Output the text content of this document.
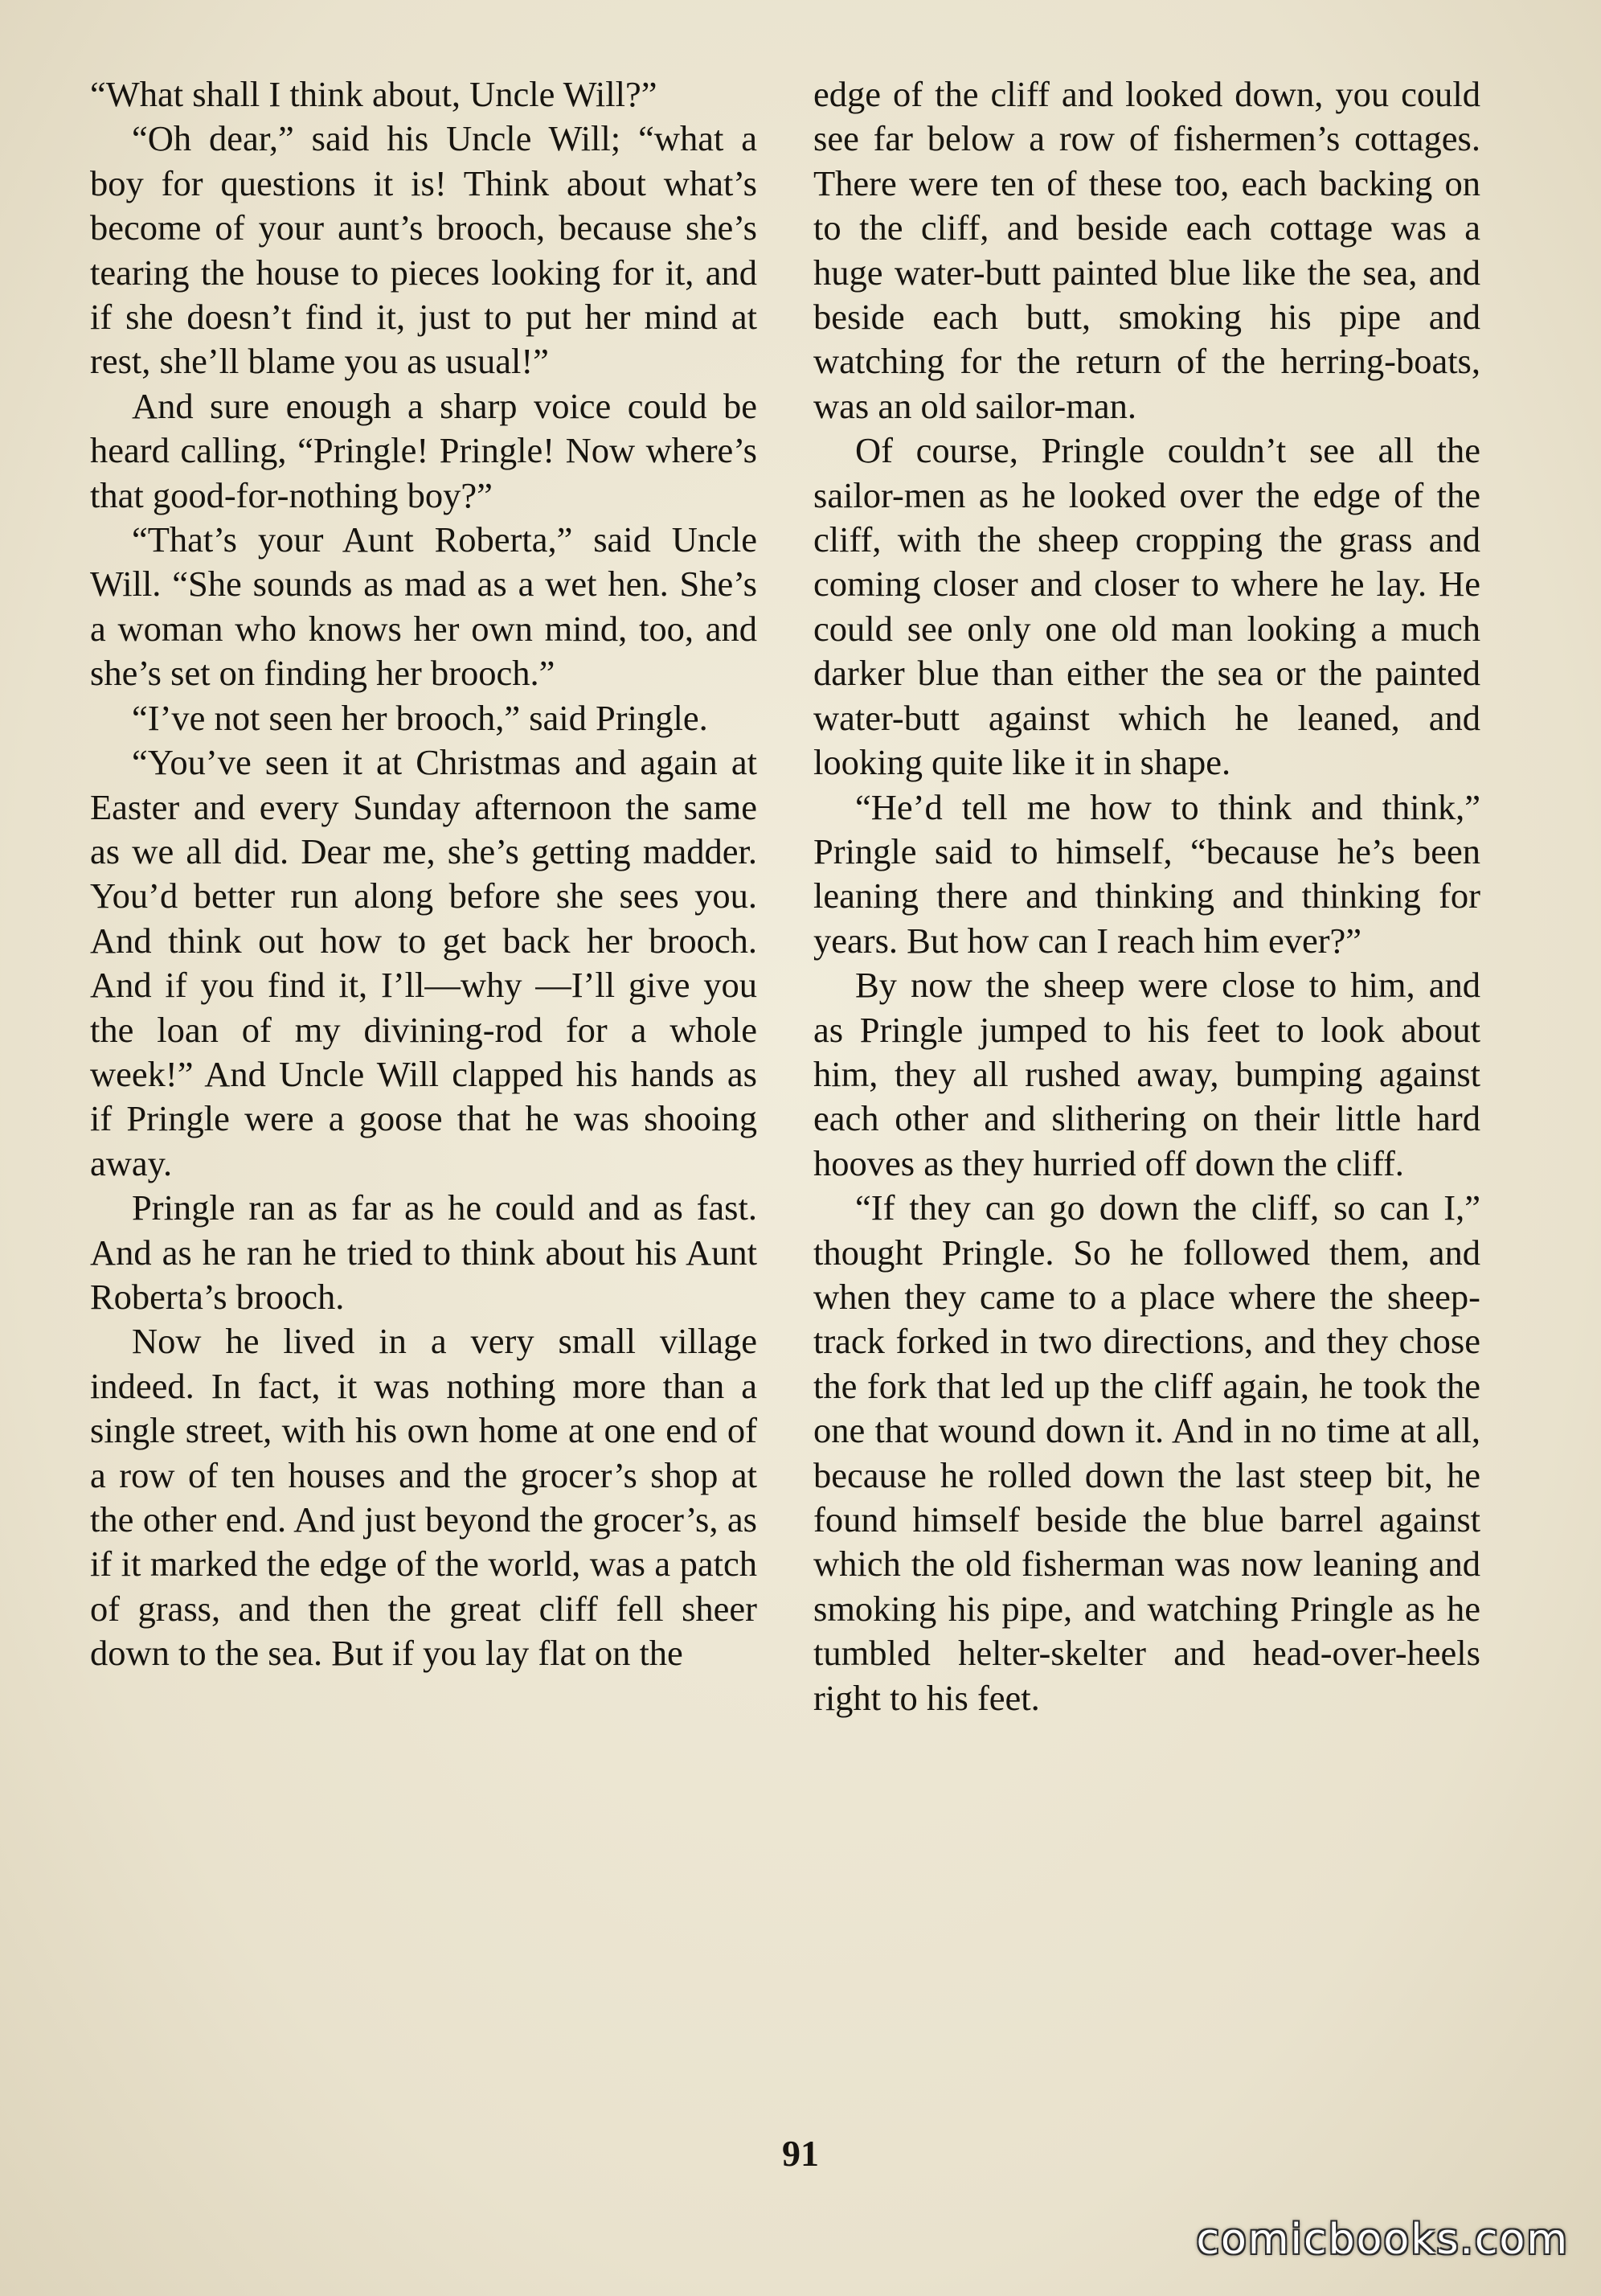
“What shall I think about, Uncle Will?”

“Oh dear,” said his Uncle Will; “what a boy for questions it is! Think about what’s become of your aunt’s brooch, because she’s tearing the house to pieces looking for it, and if she doesn’t find it, just to put her mind at rest, she’ll blame you as usual!”

And sure enough a sharp voice could be heard calling, “Pringle! Pringle! Now where’s that good-for-nothing boy?”

“That’s your Aunt Roberta,” said Uncle Will. “She sounds as mad as a wet hen. She’s a woman who knows her own mind, too, and she’s set on finding her brooch.”

“I’ve not seen her brooch,” said Pringle.

“You’ve seen it at Christmas and again at Easter and every Sunday afternoon the same as we all did. Dear me, she’s getting madder. You’d better run along before she sees you. And think out how to get back her brooch. And if you find it, I’ll—why —I’ll give you the loan of my divining-rod for a whole week!” And Uncle Will clapped his hands as if Pringle were a goose that he was shooing away.

Pringle ran as far as he could and as fast. And as he ran he tried to think about his Aunt Roberta’s brooch.

Now he lived in a very small village indeed. In fact, it was nothing more than a single street, with his own home at one end of a row of ten houses and the grocer’s shop at the other end. And just beyond the grocer’s, as if it marked the edge of the world, was a patch of grass, and then the great cliff fell sheer down to the sea. But if you lay flat on the

edge of the cliff and looked down, you could see far below a row of fishermen’s cottages. There were ten of these too, each backing on to the cliff, and beside each cottage was a huge water-butt painted blue like the sea, and beside each butt, smoking his pipe and watching for the return of the herring-boats, was an old sailor-man.

Of course, Pringle couldn’t see all the sailor-men as he looked over the edge of the cliff, with the sheep cropping the grass and coming closer and closer to where he lay. He could see only one old man looking a much darker blue than either the sea or the painted water-butt against which he leaned, and looking quite like it in shape.

“He’d tell me how to think and think,” Pringle said to himself, “because he’s been leaning there and thinking and thinking for years. But how can I reach him ever?”

By now the sheep were close to him, and as Pringle jumped to his feet to look about him, they all rushed away, bumping against each other and slithering on their little hard hooves as they hurried off down the cliff.

“If they can go down the cliff, so can I,” thought Pringle. So he followed them, and when they came to a place where the sheep-track forked in two directions, and they chose the fork that led up the cliff again, he took the one that wound down it. And in no time at all, because he rolled down the last steep bit, he found himself beside the blue barrel against which the old fisherman was now leaning and smoking his pipe, and watching Pringle as he tumbled helter-skelter and head-over-heels right to his feet.

91
comicbooks.com
